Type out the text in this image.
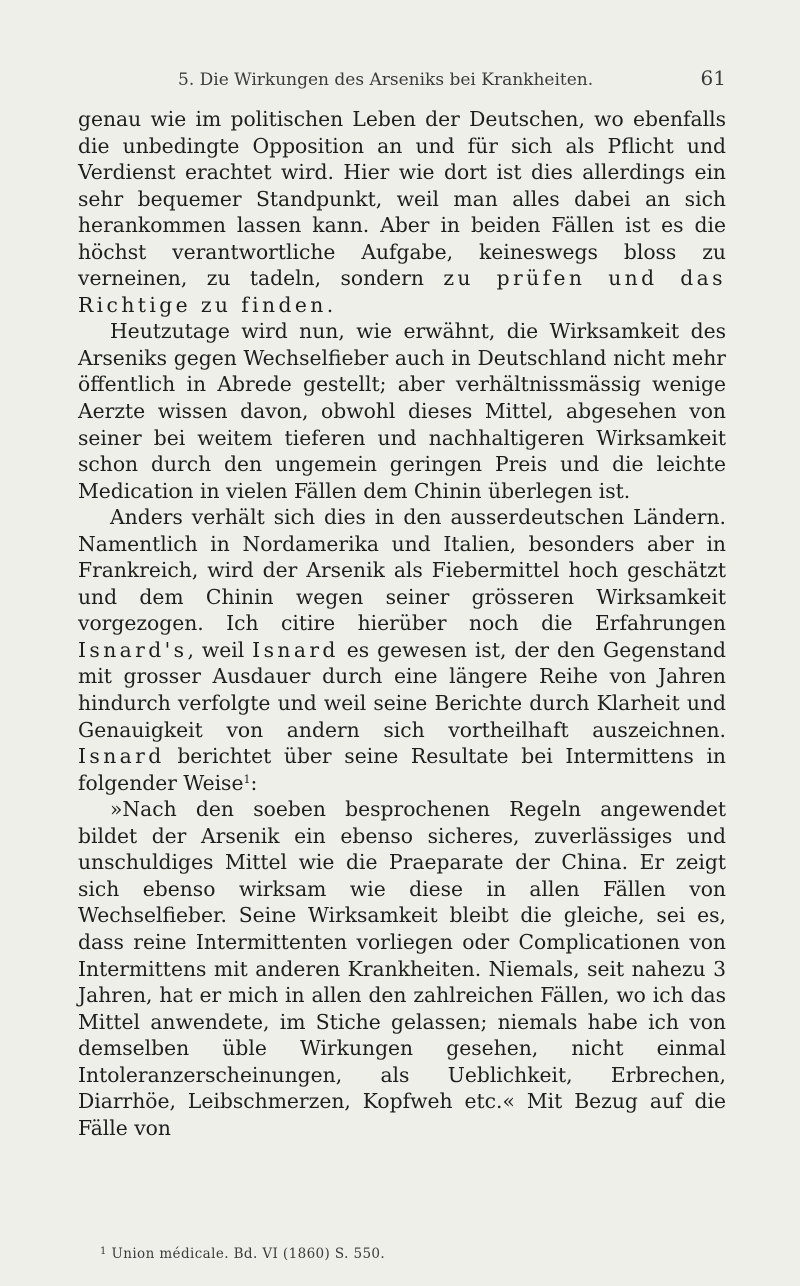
5. Die Wirkungen des Arseniks bei Krankheiten.	61

genau wie im politischen Leben der Deutschen, wo ebenfalls die unbedingte Opposition an und für sich als Pflicht und Verdienst erachtet wird. Hier wie dort ist dies allerdings ein sehr bequemer Standpunkt, weil man alles dabei an sich herankommen lassen kann. Aber in beiden Fällen ist es die höchst verantwortliche Aufgabe, keineswegs bloss zu verneinen, zu tadeln, sondern zu prüfen und das Richtige zu finden.

Heutzutage wird nun, wie erwähnt, die Wirksamkeit des Arseniks gegen Wechselfieber auch in Deutschland nicht mehr öffentlich in Abrede gestellt; aber verhältnissmässig wenige Aerzte wissen davon, obwohl dieses Mittel, abgesehen von seiner bei weitem tieferen und nachhaltigeren Wirksamkeit schon durch den ungemein geringen Preis und die leichte Medication in vielen Fällen dem Chinin überlegen ist.

Anders verhält sich dies in den ausserdeutschen Ländern. Namentlich in Nordamerika und Italien, besonders aber in Frankreich, wird der Arsenik als Fiebermittel hoch geschätzt und dem Chinin wegen seiner grösseren Wirksamkeit vorgezogen. Ich citire hierüber noch die Erfahrungen Isnard's, weil Isnard es gewesen ist, der den Gegenstand mit grosser Ausdauer durch eine längere Reihe von Jahren hindurch verfolgte und weil seine Berichte durch Klarheit und Genauigkeit von andern sich vortheilhaft auszeichnen. Isnard berichtet über seine Resultate bei Intermittens in folgender Weise$^1$:

»Nach den soeben besprochenen Regeln angewendet bildet der Arsenik ein ebenso sicheres, zuverlässiges und unschuldiges Mittel wie die Praeparate der China. Er zeigt sich ebenso wirksam wie diese in allen Fällen von Wechselfieber. Seine Wirksamkeit bleibt die gleiche, sei es, dass reine Intermittenten vorliegen oder Complicationen von Intermittens mit anderen Krankheiten. Niemals, seit nahezu 3 Jahren, hat er mich in allen den zahlreichen Fällen, wo ich das Mittel anwendete, im Stiche gelassen; niemals habe ich von demselben üble Wirkungen gesehen, nicht einmal Intoleranzerscheinungen, als Ueblichkeit, Erbrechen, Diarrhöe, Leibschmerzen, Kopfweh etc.« Mit Bezug auf die Fälle von

$^1$ Union médicale. Bd. VI (1860) S. 550.
